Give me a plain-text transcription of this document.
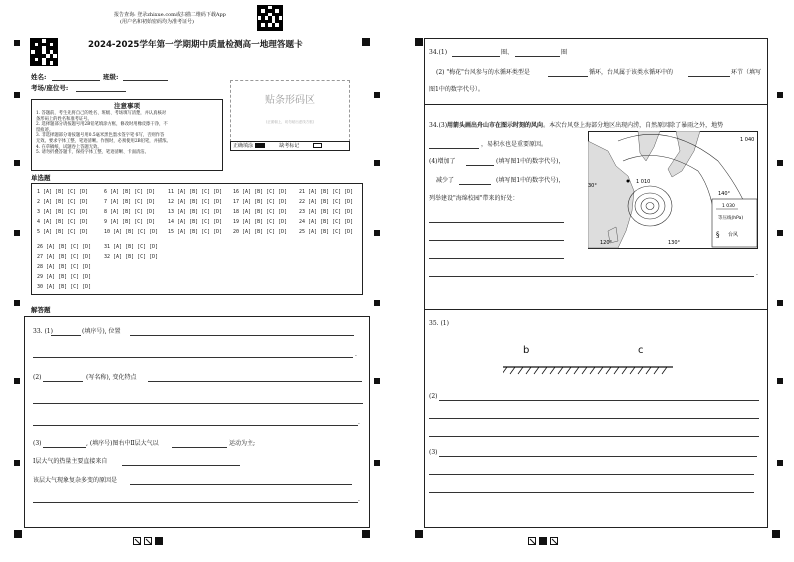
报告查询: 登录zhixue.com或扫描二维码下载App
(用户名和初始密码均为准考证号)
2024-2025学年第一学期期中质量检测高一地理答题卡
姓名:	班级:
考场/座位号:
注意事项
1. 答题前，考生先将自己的姓名、班级、考场填写清楚，并认真核对
条形码上的姓名和准考证号。
2. 选择题部分请按题号用2B铅笔填涂方框，修改时用橡皮擦干净，不
留痕迹。
3. 非选择题部分请按题号用0.5毫米黑色墨水签字笔书写，否则作答
无效。要求字体工整、笔迹清晰。作图时，必须使用2B铅笔，并描浓。
4. 在草稿纸、试题卷上答题无效。
5. 请勿折叠答题卡，保持字体工整、笔迹清晰、卡面清洁。
贴条形码区
(正面朝上，切勿贴出虚线方框)
正确填涂	缺考标记
单选题
1 [A] [B] [C] [D]	6 [A] [B] [C] [D]	11 [A] [B] [C] [D] 16 [A] [B] [C] [D] 21 [A] [B] [C] [D]
2 [A] [B] [C] [D]	7 [A] [B] [C] [D]	12 [A] [B] [C] [D] 17 [A] [B] [C] [D] 22 [A] [B] [C] [D]
3 [A] [B] [C] [D]	8 [A] [B] [C] [D]	13 [A] [B] [C] [D] 18 [A] [B] [C] [D] 23 [A] [B] [C] [D]
4 [A] [B] [C] [D]	9 [A] [B] [C] [D]	14 [A] [B] [C] [D] 19 [A] [B] [C] [D] 24 [A] [B] [C] [D]
5 [A] [B] [C] [D]	10 [A] [B] [C] [D] 15 [A] [B] [C] [D] 20 [A] [B] [C] [D] 25 [A] [B] [C] [D]
26 [A] [B] [C] [D]	31 [A] [B] [C] [D]
27 [A] [B] [C] [D]	32 [A] [B] [C] [D]
28 [A] [B] [C] [D]
29 [A] [B] [C] [D]
30 [A] [B] [C] [D]
解答题
33. (1)	(填序号), 位置
.
(2)	(写名称), 变化特点
.
(3)	, (填序号)图右中Ⅱ层大气以	运动为主;
Ⅰ层大气的热量主要直接来自
该层大气现象复杂多变的原因是
.
34.(1)	圈、	圈
(2) "梅花"台风参与的水循环类型是	循环，台风属于该类水循环中的	环节（填写
图1中的数字代号）。
34.(3)用箭头画出舟山市在图示时刻的风向。本次台风登上海部分地区出现内涝，自然原因除了暴雨之外，地势
，易积水也是重要原因。
(4)增加了	(填写图1中的数字代号)，
减少了	(填写图1中的数字代号)，
列举建设"海绵校园"带来的好处：
.
1 040
1 010
120°	130°
140°
30°
1 030
等压线(hPa)
§ 台风
35. (1)
b	c
(2)
(3)
